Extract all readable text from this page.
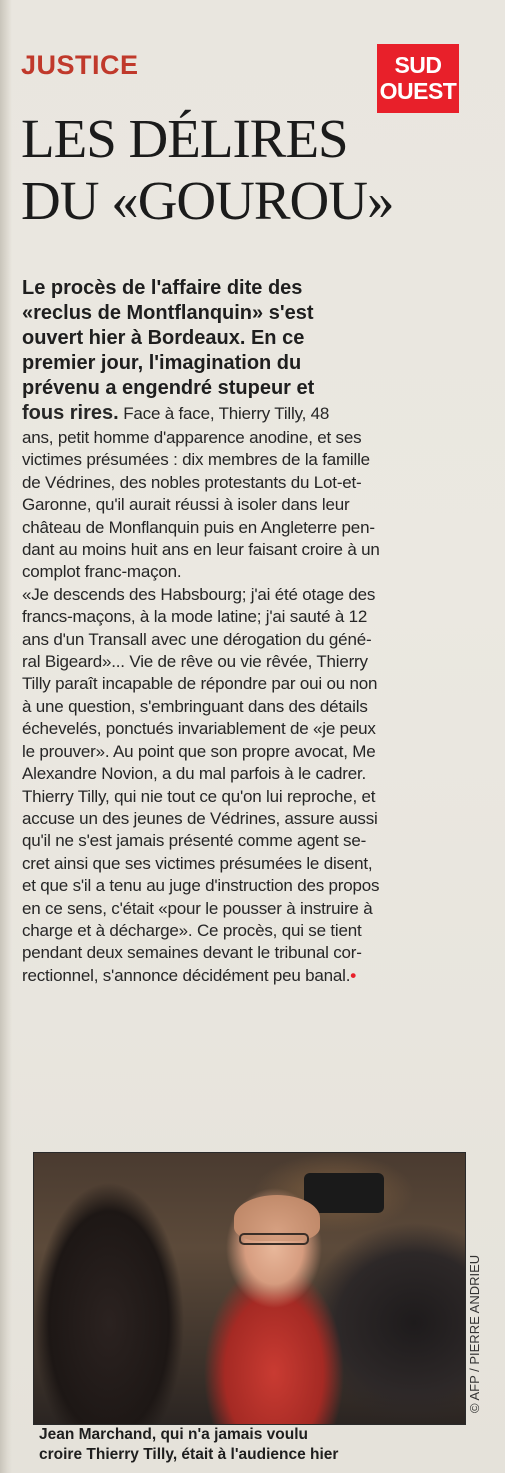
JUSTICE	SUD
OUEST
LES DÉLIRES
DU «GOUROU»
Le procès de l'affaire dite des
«reclus de Montflanquin» s'est
ouvert hier à Bordeaux. En ce
premier jour, l'imagination du
prévenu a engendré stupeur et
fous rires. Face à face, Thierry Tilly, 48
ans, petit homme d'apparence anodine, et ses
victimes présumées : dix membres de la famille
de Védrines, des nobles protestants du Lot-et-
Garonne, qu'il aurait réussi à isoler dans leur
château de Monflanquin puis en Angleterre pen-
dant au moins huit ans en leur faisant croire à un
complot franc-maçon.
«Je descends des Habsbourg; j'ai été otage des
francs-maçons, à la mode latine; j'ai sauté à 12
ans d'un Transall avec une dérogation du géné-
ral Bigeard»... Vie de rêve ou vie rêvée, Thierry
Tilly paraît incapable de répondre par oui ou non
à une question, s'embringuant dans des détails
échevelés, ponctués invariablement de «je peux
le prouver». Au point que son propre avocat, Me
Alexandre Novion, a du mal parfois à le cadrer.
Thierry Tilly, qui nie tout ce qu'on lui reproche, et
accuse un des jeunes de Védrines, assure aussi
qu'il ne s'est jamais présenté comme agent se-
cret ainsi que ses victimes présumées le disent,
et que s'il a tenu au juge d'instruction des propos
en ce sens, c'était «pour le pousser à instruire à
charge et à décharge». Ce procès, qui se tient
pendant deux semaines devant le tribunal cor-
rectionnel, s'annonce décidément peu banal.•
© AFP / PIERRE ANDRIEU
Jean Marchand, qui n'a jamais voulu
croire Thierry Tilly, était à l'audience hier
